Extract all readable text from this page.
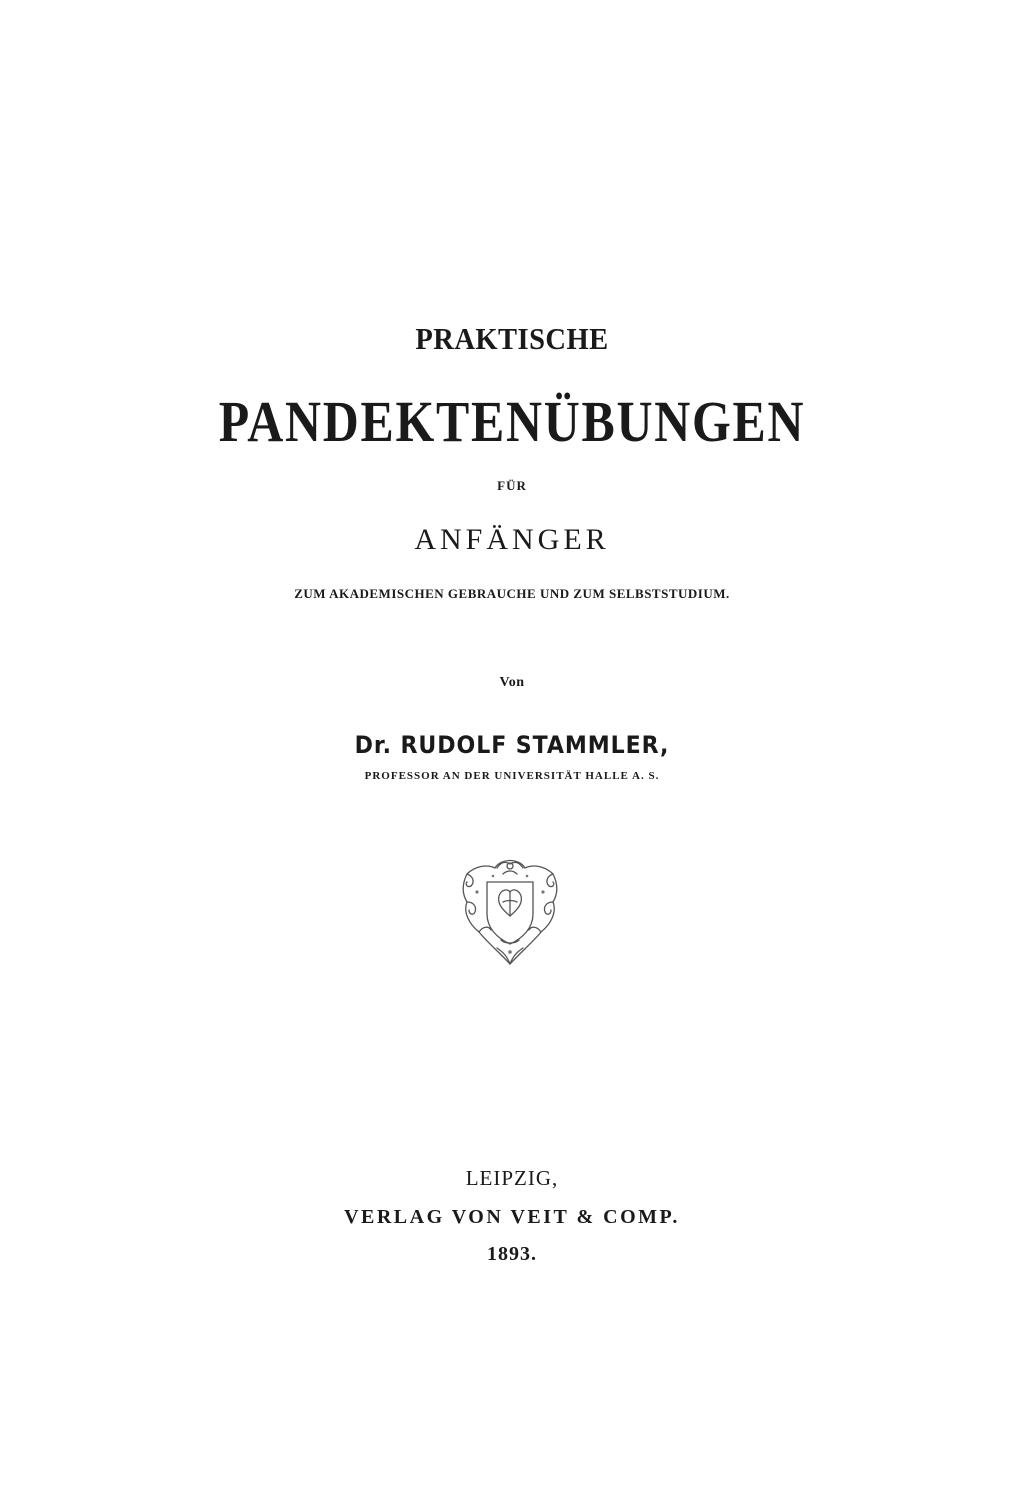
PRAKTISCHE
PANDEKTENÜBUNGEN
FÜR
ANFÄNGER
ZUM AKADEMISCHEN GEBRAUCHE UND ZUM SELBSTSTUDIUM.
Von
Dr. RUDOLF STAMMLER,
PROFESSOR AN DER UNIVERSITÄT HALLE A. S.
LEIPZIG,
VERLAG VON VEIT & COMP.
1893.
